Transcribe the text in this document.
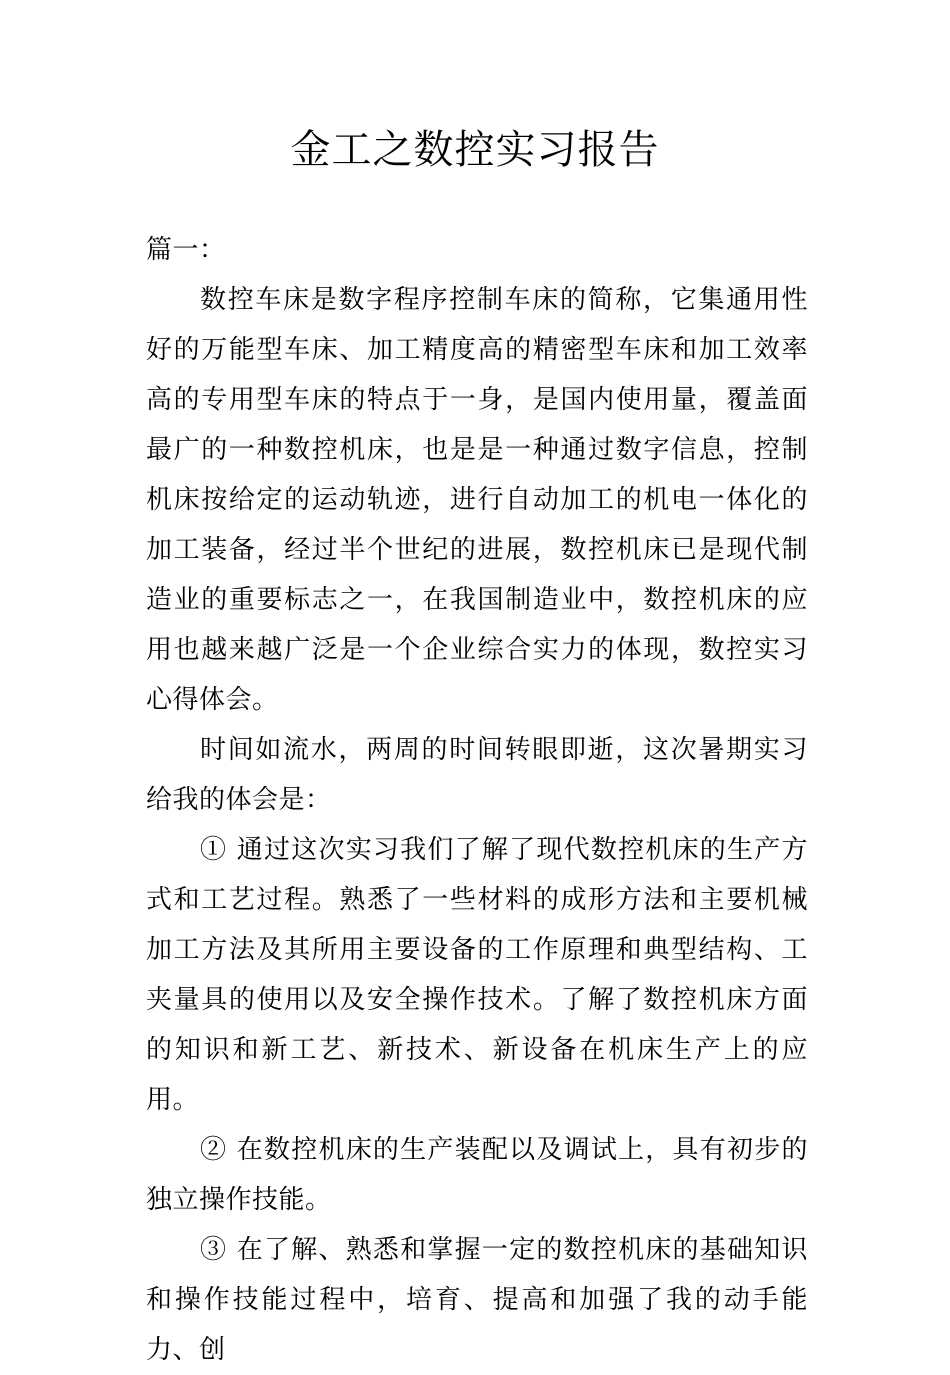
金工之数控实习报告

篇一：

数控车床是数字程序控制车床的简称，它集通用性好的万能型车床、加工精度高的精密型车床和加工效率高的专用型车床的特点于一身，是国内使用量，覆盖面最广的一种数控机床，也是是一种通过数字信息，控制机床按给定的运动轨迹，进行自动加工的机电一体化的加工装备，经过半个世纪的进展，数控机床已是现代制造业的重要标志之一，在我国制造业中，数控机床的应用也越来越广泛是一个企业综合实力的体现，数控实习心得体会。

时间如流水，两周的时间转眼即逝，这次暑期实习给我的体会是：

① 通过这次实习我们了解了现代数控机床的生产方式和工艺过程。熟悉了一些材料的成形方法和主要机械加工方法及其所用主要设备的工作原理和典型结构、工夹量具的使用以及安全操作技术。了解了数控机床方面的知识和新工艺、新技术、新设备在机床生产上的应用。

② 在数控机床的生产装配以及调试上，具有初步的独立操作技能。

③ 在了解、熟悉和掌握一定的数控机床的基础知识和操作技能过程中，培育、提高和加强了我的动手能力、创
